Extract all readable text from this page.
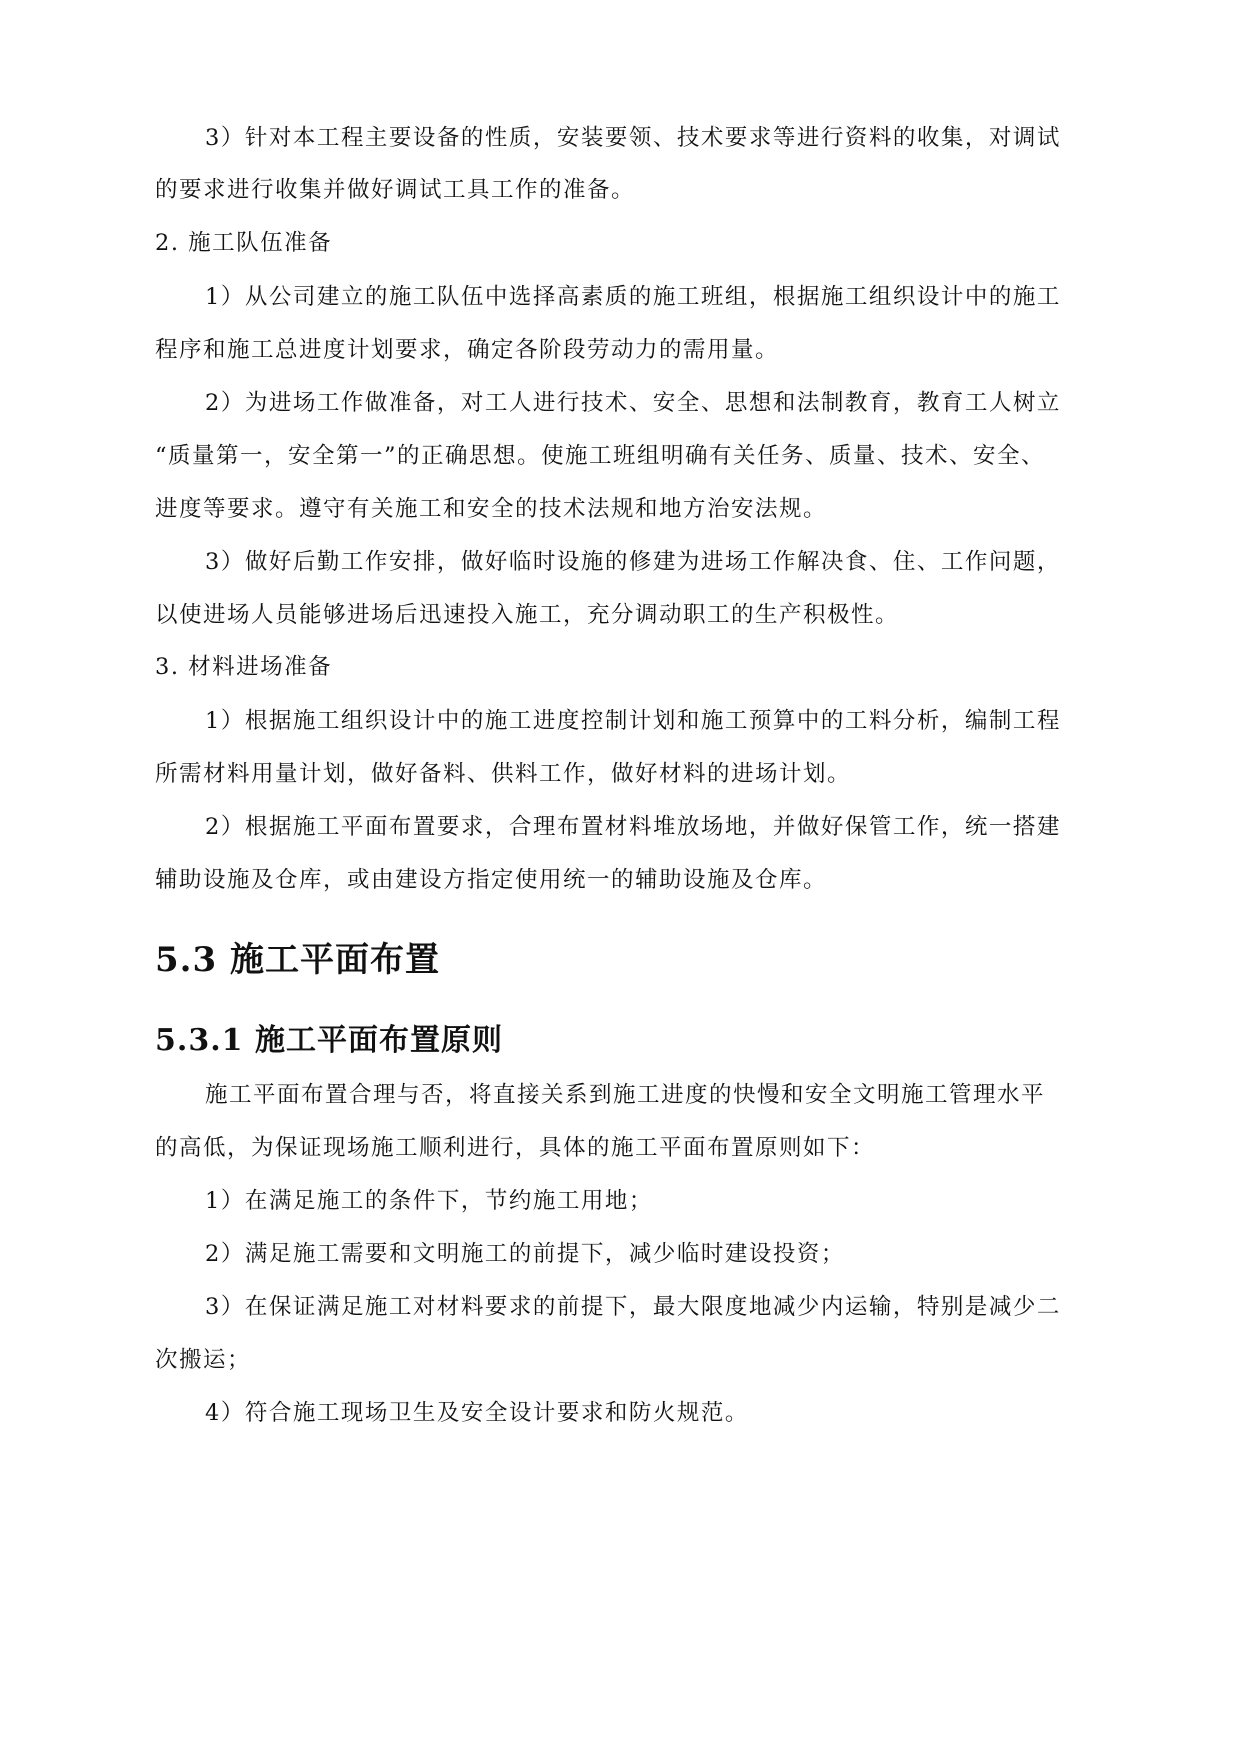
3）针对本工程主要设备的性质，安装要领、技术要求等进行资料的收集，对调试

的要求进行收集并做好调试工具工作的准备。

2. 施工队伍准备

1）从公司建立的施工队伍中选择高素质的施工班组，根据施工组织设计中的施工

程序和施工总进度计划要求，确定各阶段劳动力的需用量。

2）为进场工作做准备，对工人进行技术、安全、思想和法制教育，教育工人树立

“质量第一，安全第一”的正确思想。使施工班组明确有关任务、质量、技术、安全、

进度等要求。遵守有关施工和安全的技术法规和地方治安法规。

3）做好后勤工作安排，做好临时设施的修建为进场工作解决食、住、工作问题，

以使进场人员能够进场后迅速投入施工，充分调动职工的生产积极性。

3. 材料进场准备

1）根据施工组织设计中的施工进度控制计划和施工预算中的工料分析，编制工程

所需材料用量计划，做好备料、供料工作，做好材料的进场计划。

2）根据施工平面布置要求，合理布置材料堆放场地，并做好保管工作，统一搭建

辅助设施及仓库，或由建设方指定使用统一的辅助设施及仓库。

5.3 施工平面布置
5.3.1 施工平面布置原则

施工平面布置合理与否，将直接关系到施工进度的快慢和安全文明施工管理水平

的高低，为保证现场施工顺利进行，具体的施工平面布置原则如下：

1）在满足施工的条件下，节约施工用地；

2）满足施工需要和文明施工的前提下，减少临时建设投资；

3）在保证满足施工对材料要求的前提下，最大限度地减少内运输，特别是减少二

次搬运；

4）符合施工现场卫生及安全设计要求和防火规范。
